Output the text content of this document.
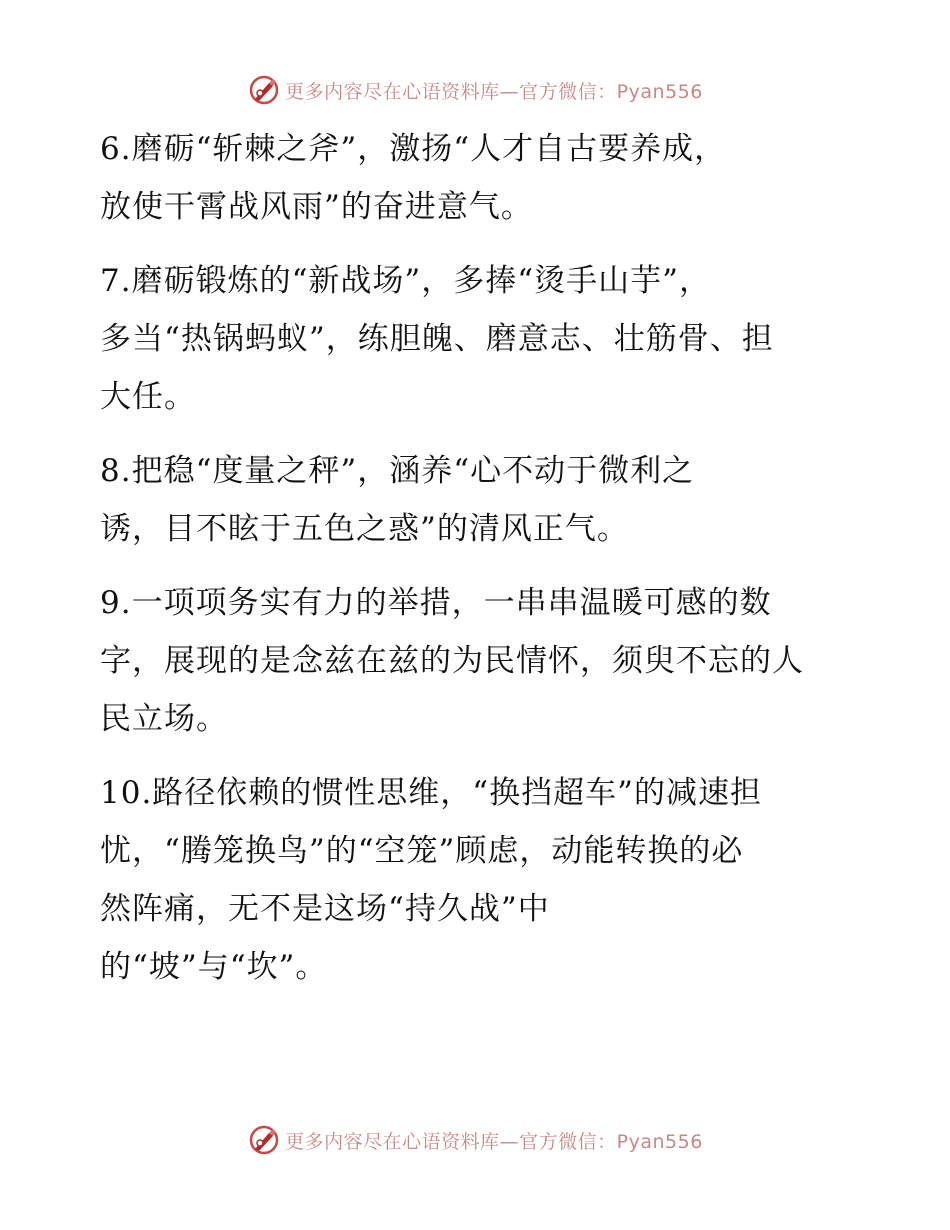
更多内容尽在心语资料库—官方微信：Pyan556
6.磨砺“斩棘之斧”，激扬“人才自古要养成，
放使干霄战风雨”的奋进意气。
7.磨砺锻炼的“新战场”，多捧“烫手山芋”，
多当“热锅蚂蚁”，练胆魄、磨意志、壮筋骨、担
大任。
8.把稳“度量之秤”，涵养“心不动于微利之
诱，目不眩于五色之惑”的清风正气。
9.一项项务实有力的举措，一串串温暖可感的数
字，展现的是念兹在兹的为民情怀，须臾不忘的人
民立场。
10.路径依赖的惯性思维，“换挡超车”的减速担
忧，“腾笼换鸟”的“空笼”顾虑，动能转换的必
然阵痛，无不是这场“持久战”中
的“坡”与“坎”。
更多内容尽在心语资料库—官方微信：Pyan556
